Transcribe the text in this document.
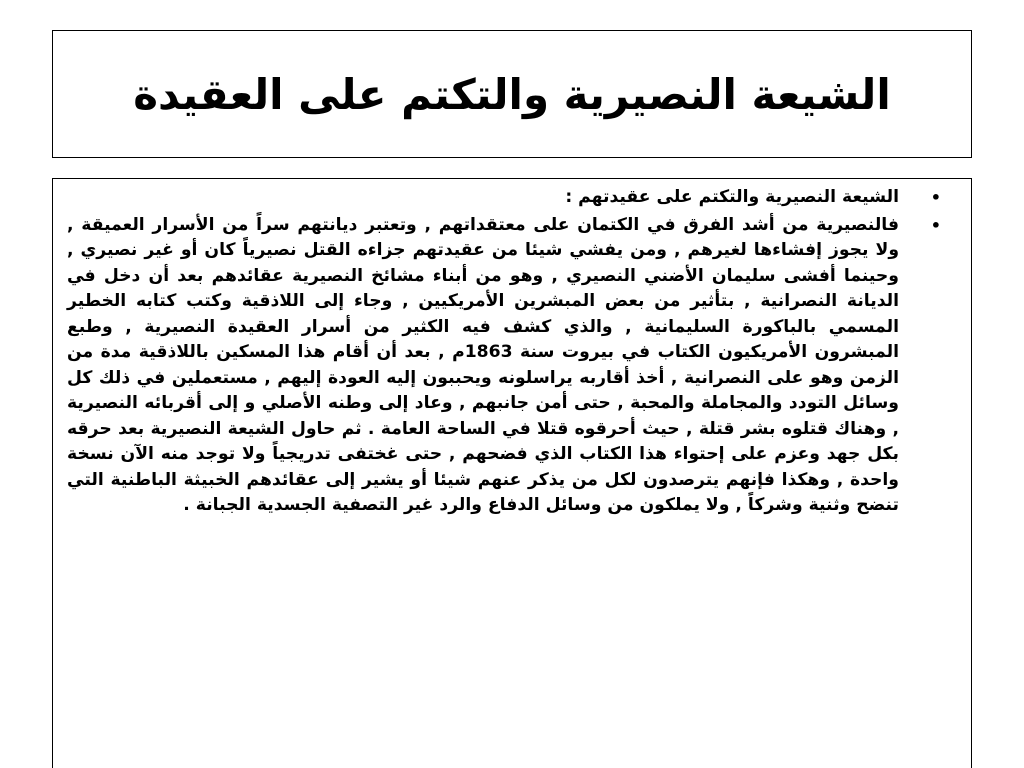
الشيعة النصيرية والتكتم على العقيدة
•
الشيعة النصيرية والتكتم على عقيدتهم :
•
فالنصيرية من أشد الفرق في الكتمان على معتقداتهم , وتعتبر ديانتهم سراً من الأسرار العميقة , ولا يجوز إفشاءها لغيرهم , ومن يفشي شيئا من عقيدتهم جزاءه القتل نصيرياً كان أو غير نصيري , وحينما أفشى سليمان الأضني النصيري , وهو من أبناء مشائخ النصيرية عقائدهم بعد أن دخل في الديانة النصرانية , بتأثير من بعض المبشرين الأمريكيين , وجاء إلى اللاذقية وكتب كتابه الخطير المسمي بالباكورة السليمانية , والذي كشف فيه الكثير من أسرار العقيدة النصيرية , وطبع المبشرون الأمريكيون الكتاب في بيروت سنة 1863م , بعد أن أقام هذا المسكين باللاذقية مدة من الزمن وهو على النصرانية , أخذ أقاربه يراسلونه ويحببون إليه العودة إليهم , مستعملين في ذلك كل وسائل التودد والمجاملة والمحبة , حتى أمن جانبهم , وعاد إلى وطنه الأصلي و إلى أقربائه النصيرية , وهناك قتلوه بشر قتلة , حيث أحرقوه قتلا في الساحة العامة . ثم حاول الشيعة النصيرية بعد حرقه بكل جهد وعزم على إحتواء هذا الكتاب الذي فضحهم , حتى غختفى تدريجياً ولا توجد منه الآن نسخة واحدة , وهكذا فإنهم يترصدون لكل من يذكر عنهم شيئا أو يشير إلى عقائدهم الخبيثة الباطنية التي تنضح وثنية وشركاً , ولا يملكون من وسائل الدفاع والرد غير التصفية الجسدية الجبانة .
